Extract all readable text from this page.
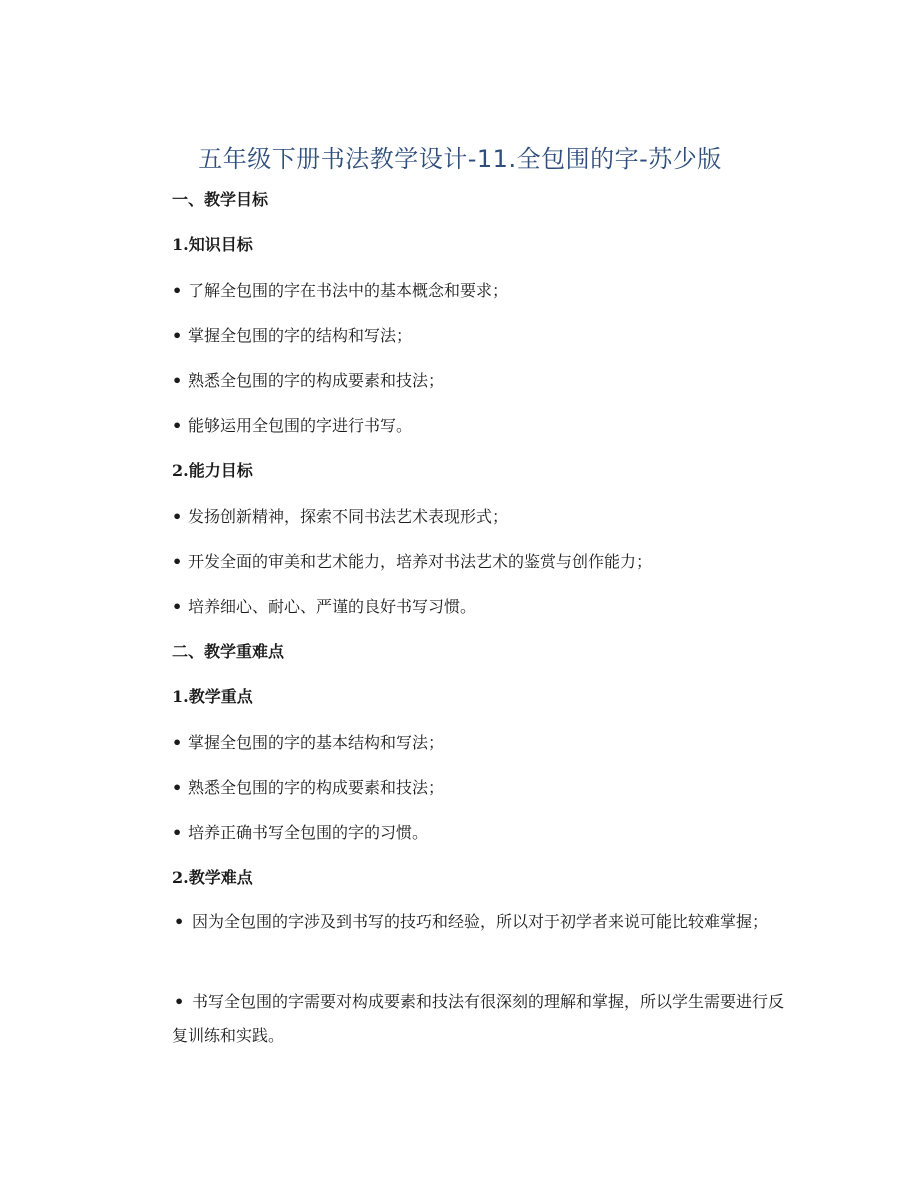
五年级下册书法教学设计-11.全包围的字-苏少版
一、教学目标
1.知识目标
• 了解全包围的字在书法中的基本概念和要求；
• 掌握全包围的字的结构和写法；
• 熟悉全包围的字的构成要素和技法；
• 能够运用全包围的字进行书写。
2.能力目标
• 发扬创新精神，探索不同书法艺术表现形式；
• 开发全面的审美和艺术能力，培养对书法艺术的鉴赏与创作能力；
• 培养细心、耐心、严谨的良好书写习惯。
二、教学重难点
1.教学重点
• 掌握全包围的字的基本结构和写法；
• 熟悉全包围的字的构成要素和技法；
• 培养正确书写全包围的字的习惯。
2.教学难点
• 因为全包围的字涉及到书写的技巧和经验，所以对于初学者来说可能比较难掌握；
• 书写全包围的字需要对构成要素和技法有很深刻的理解和掌握，所以学生需要进行反复训练和实践。
